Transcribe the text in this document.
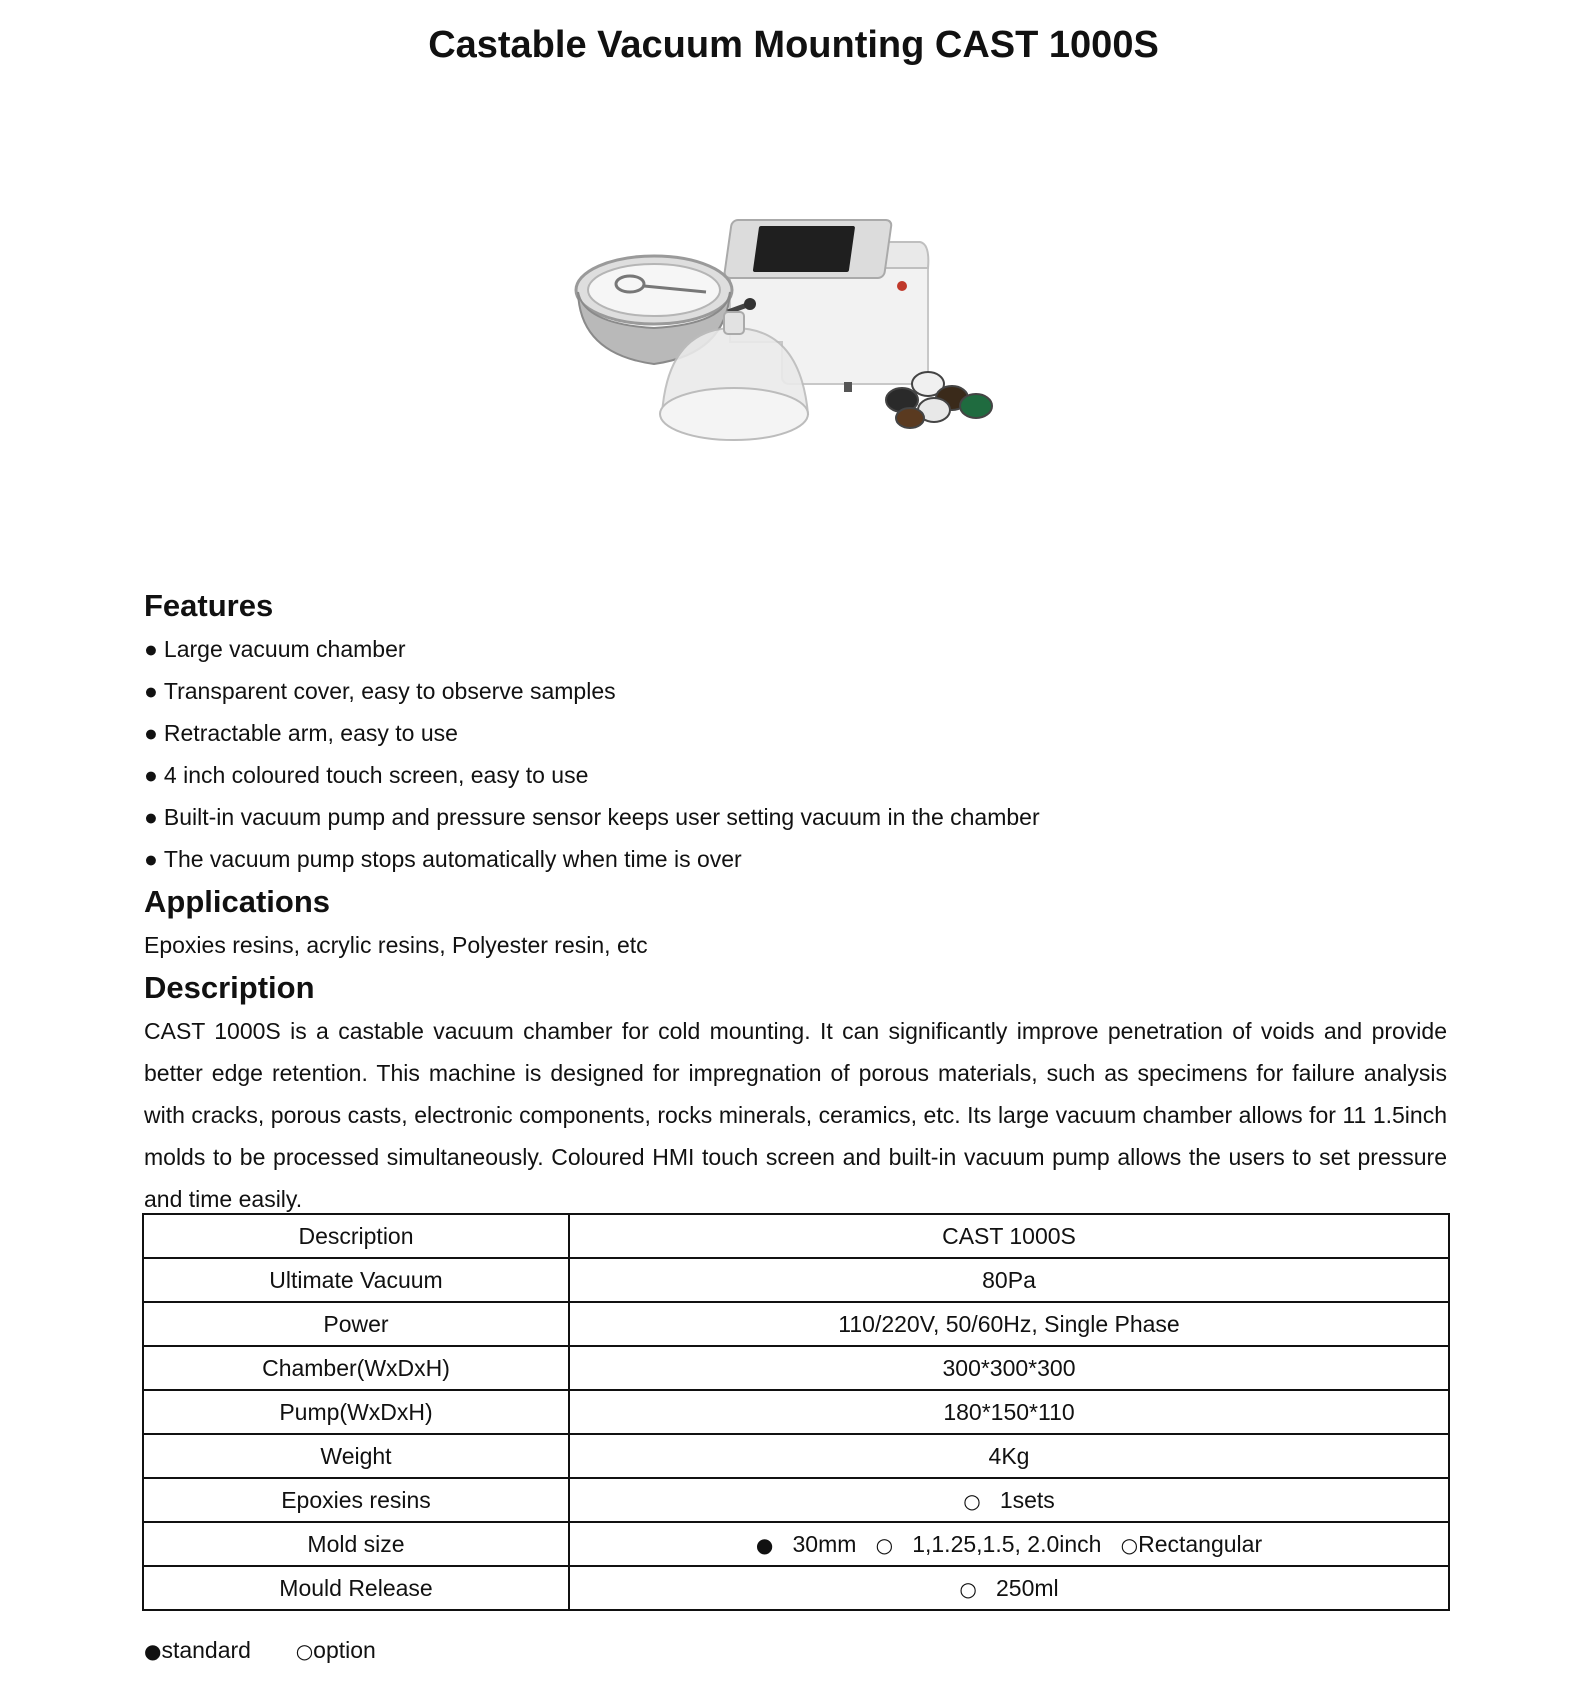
Castable Vacuum Mounting CAST 1000S
Features
● Large vacuum chamber
● Transparent cover, easy to observe samples
● Retractable arm, easy to use
● 4 inch coloured touch screen, easy to use
● Built-in vacuum pump and pressure sensor keeps user setting vacuum in the chamber
● The vacuum pump stops automatically when time is over
Applications

Epoxies resins, acrylic resins, Polyester resin, etc

Description

CAST 1000S is a castable vacuum chamber for cold mounting. It can significantly improve penetration of voids and provide better edge retention. This machine is designed for impregnation of porous materials, such as specimens for failure analysis with cracks, porous casts, electronic components, rocks minerals, ceramics, etc. Its large vacuum chamber allows for 11 1.5inch molds to be processed simultaneously. Coloured HMI touch screen and built-in vacuum pump allows the users to set pressure and time easily.

Description	CAST 1000S
Ultimate Vacuum	80Pa
Power	110/220V, 50/60Hz, Single Phase
Chamber(WxDxH)	300*300*300
Pump(WxDxH)	180*150*110
Weight	4Kg
Epoxies resins	○ 1sets
Mold size	● 30mm ○ 1,1.25,1.5, 2.0inch ○Rectangular
Mould Release	○ 250ml
●standard ○option
